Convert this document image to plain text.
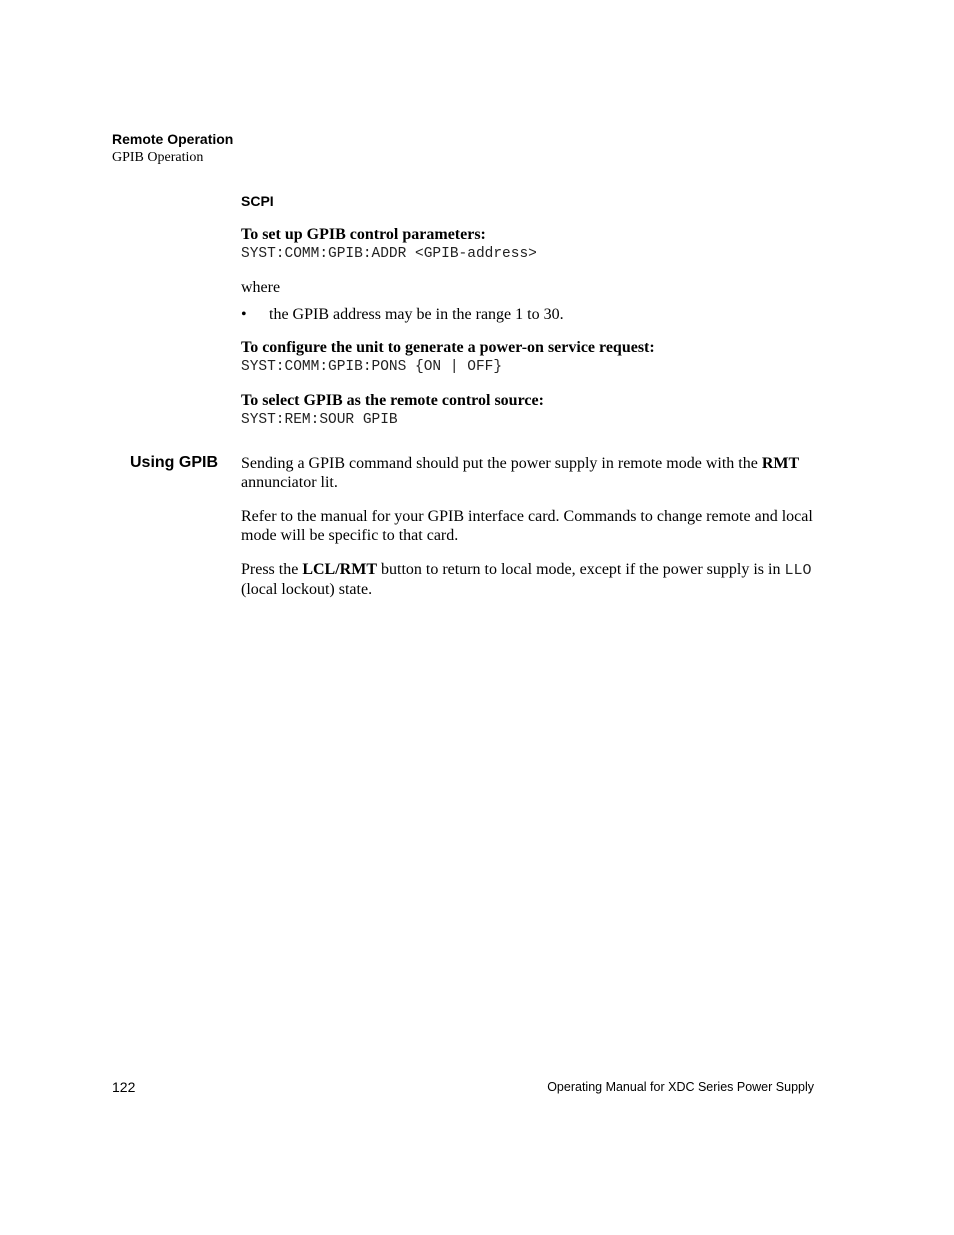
Remote Operation
GPIB Operation
SCPI
To set up GPIB control parameters:
SYST:COMM:GPIB:ADDR <GPIB-address>
where
• the GPIB address may be in the range 1 to 30.
To configure the unit to generate a power-on service request:
SYST:COMM:GPIB:PONS {ON | OFF}
To select GPIB as the remote control source:
SYST:REM:SOUR GPIB
Using GPIB Sending a GPIB command should put the power supply in remote mode with the RMT annunciator lit.
Refer to the manual for your GPIB interface card. Commands to change remote and local mode will be specific to that card.
Press the LCL/RMT button to return to local mode, except if the power supply is in LLO (local lockout) state.
122	Operating Manual for XDC Series Power Supply
